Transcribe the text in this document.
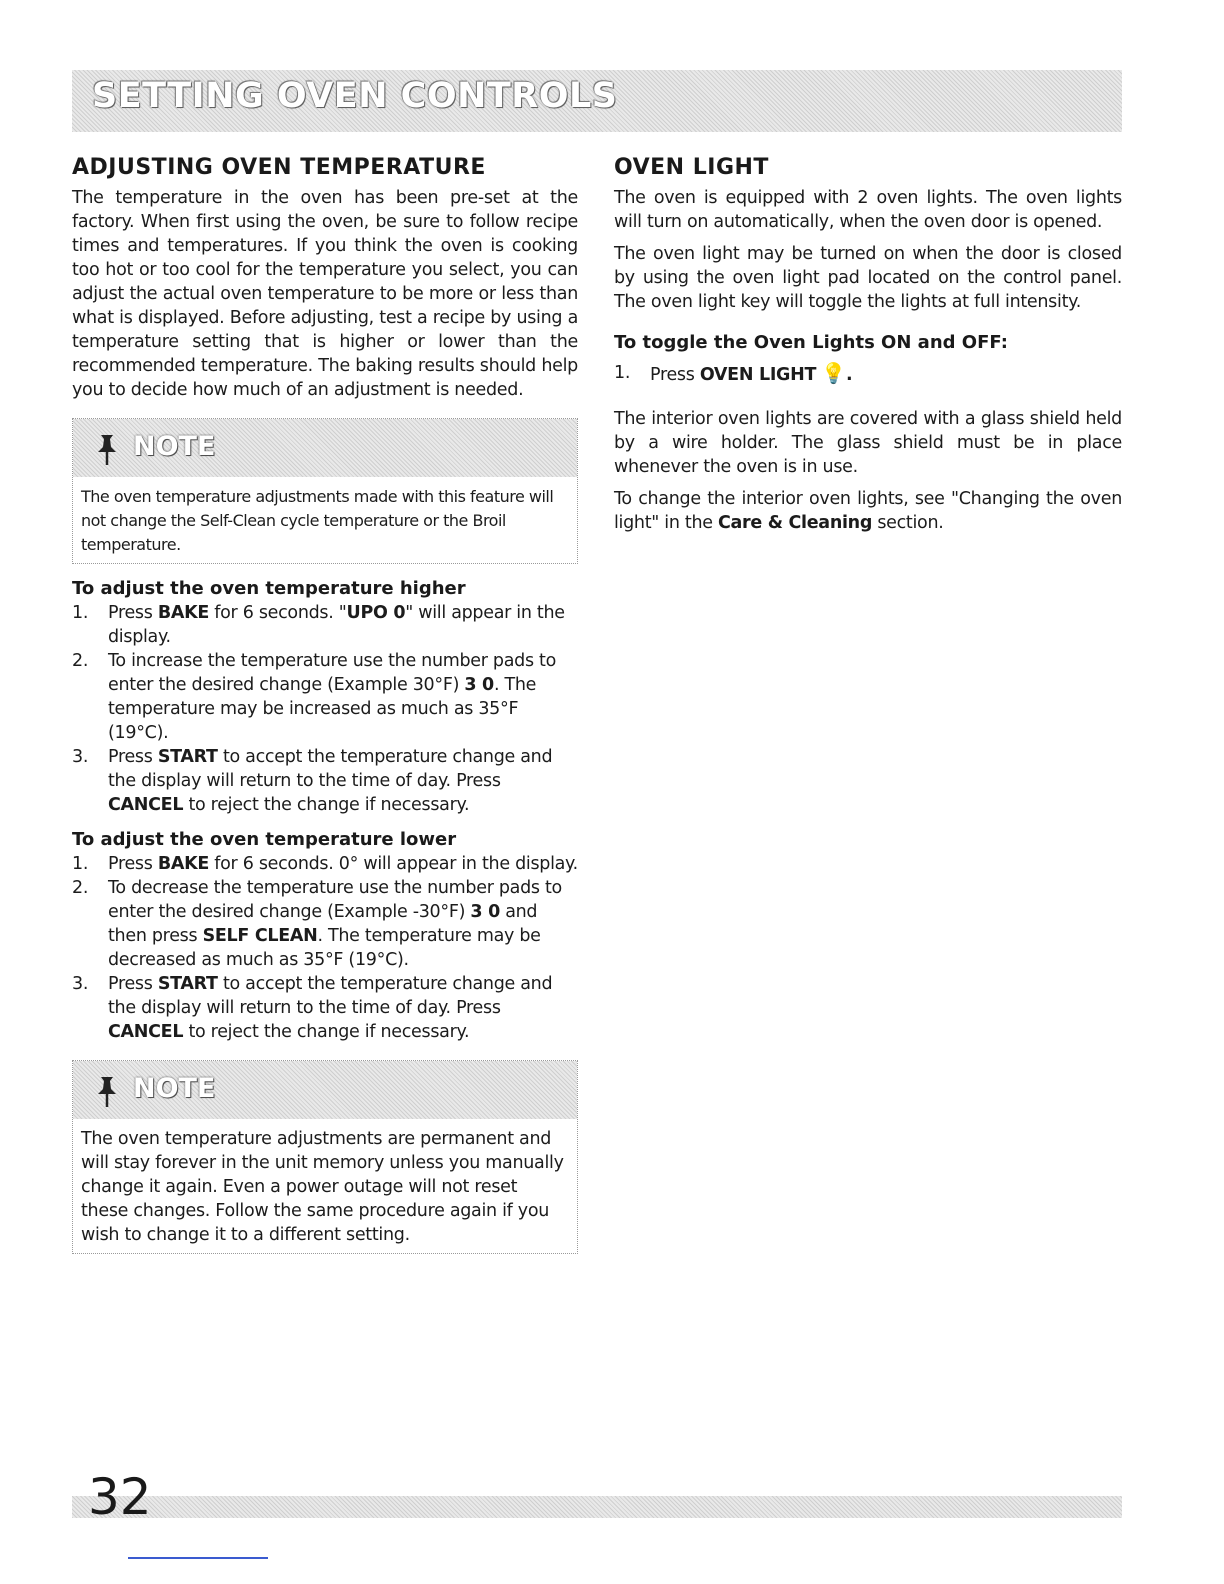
SETTING OVEN CONTROLS
ADJUSTING OVEN TEMPERATURE

The temperature in the oven has been pre-set at the factory. When first using the oven, be sure to follow recipe times and temperatures. If you think the oven is cooking too hot or too cool for the temperature you select, you can adjust the actual oven temperature to be more or less than what is displayed. Before adjusting, test a recipe by using a temperature setting that is higher or lower than the recommended temperature. The baking results should help you to decide how much of an adjustment is needed.

NOTE
The oven temperature adjustments made with this feature will not change the Self-Clean cycle temperature or the Broil temperature.
To adjust the oven temperature higher
1. Press BAKE for 6 seconds. "UPO 0" will appear in the display.
2. To increase the temperature use the number pads to enter the desired change (Example 30°F) 3 0. The temperature may be increased as much as 35°F (19°C).
3. Press START to accept the temperature change and the display will return to the time of day. Press CANCEL to reject the change if necessary.
To adjust the oven temperature lower
1. Press BAKE for 6 seconds. 0° will appear in the display.
2. To decrease the temperature use the number pads to enter the desired change (Example -30°F) 3 0 and then press SELF CLEAN. The temperature may be decreased as much as 35°F (19°C).
3. Press START to accept the temperature change and the display will return to the time of day. Press CANCEL to reject the change if necessary.
NOTE
The oven temperature adjustments are permanent and will stay forever in the unit memory unless you manually change it again. Even a power outage will not reset these changes. Follow the same procedure again if you wish to change it to a different setting.
OVEN LIGHT

The oven is equipped with 2 oven lights. The oven lights will turn on automatically, when the oven door is opened.

The oven light may be turned on when the door is closed by using the oven light pad located on the control panel. The oven light key will toggle the lights at full intensity.

To toggle the Oven Lights ON and OFF:
1. Press OVEN LIGHT 💡.

The interior oven lights are covered with a glass shield held by a wire holder. The glass shield must be in place whenever the oven is in use.

To change the interior oven lights, see "Changing the oven light" in the Care & Cleaning section.

32
